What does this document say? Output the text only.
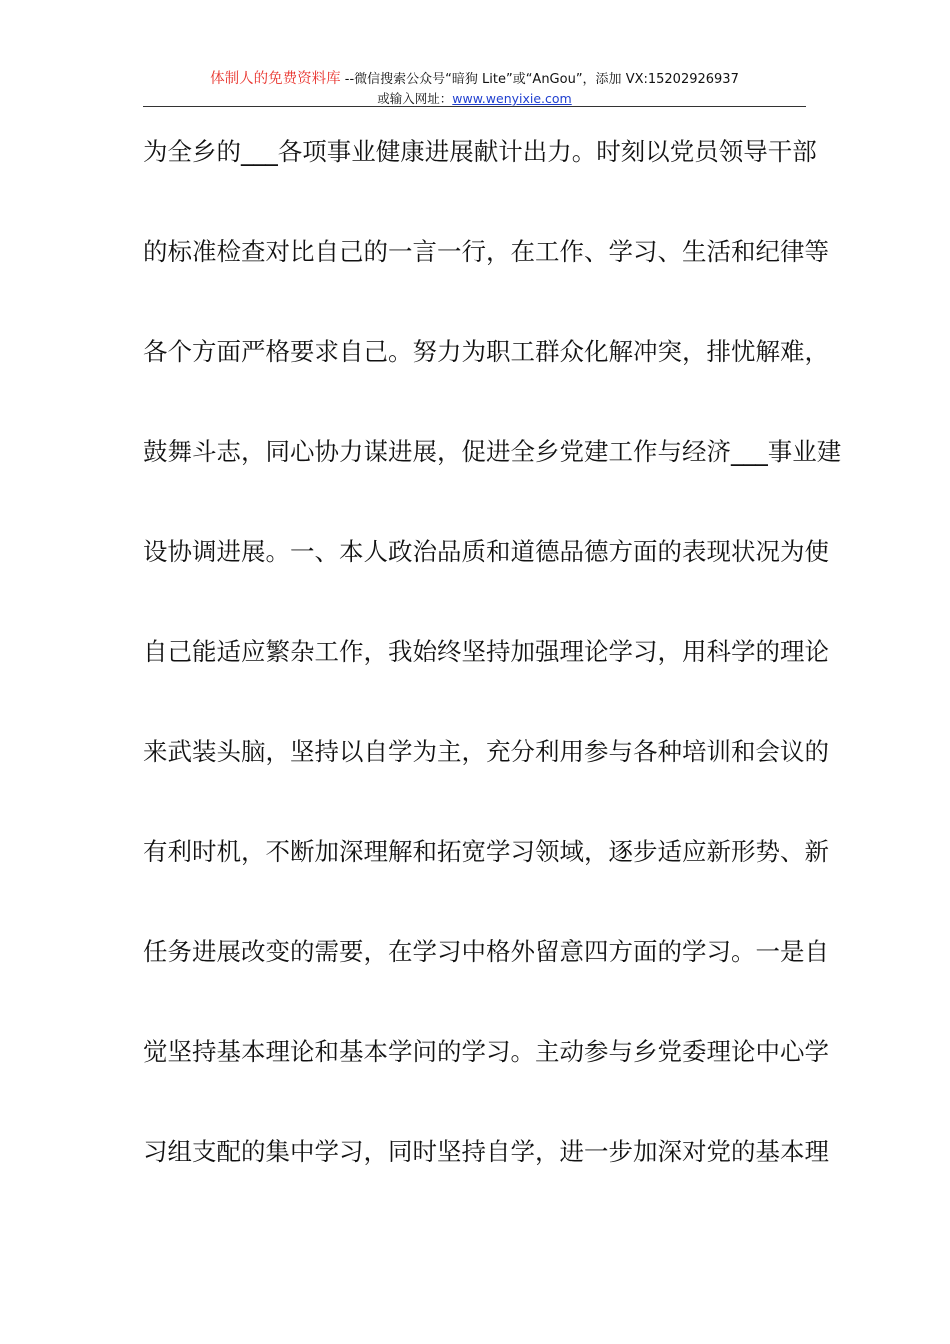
体制人的免费资料库 --微信搜索公众号“暗狗 Lite”或“AnGou”，添加 VX:15202926937
或输入网址：www.wenyixie.com
为全乡的___各项事业健康进展献计出力。时刻以党员领导干部
的标准检查对比自己的一言一行，在工作、学习、生活和纪律等
各个方面严格要求自己。努力为职工群众化解冲突，排忧解难，
鼓舞斗志，同心协力谋进展，促进全乡党建工作与经济___事业建
设协调进展。一、本人政治品质和道德品德方面的表现状况为使
自己能适应繁杂工作，我始终坚持加强理论学习，用科学的理论
来武装头脑，坚持以自学为主，充分利用参与各种培训和会议的
有利时机，不断加深理解和拓宽学习领域，逐步适应新形势、新
任务进展改变的需要，在学习中格外留意四方面的学习。一是自
觉坚持基本理论和基本学问的学习。主动参与乡党委理论中心学
习组支配的集中学习，同时坚持自学，进一步加深对党的基本理
